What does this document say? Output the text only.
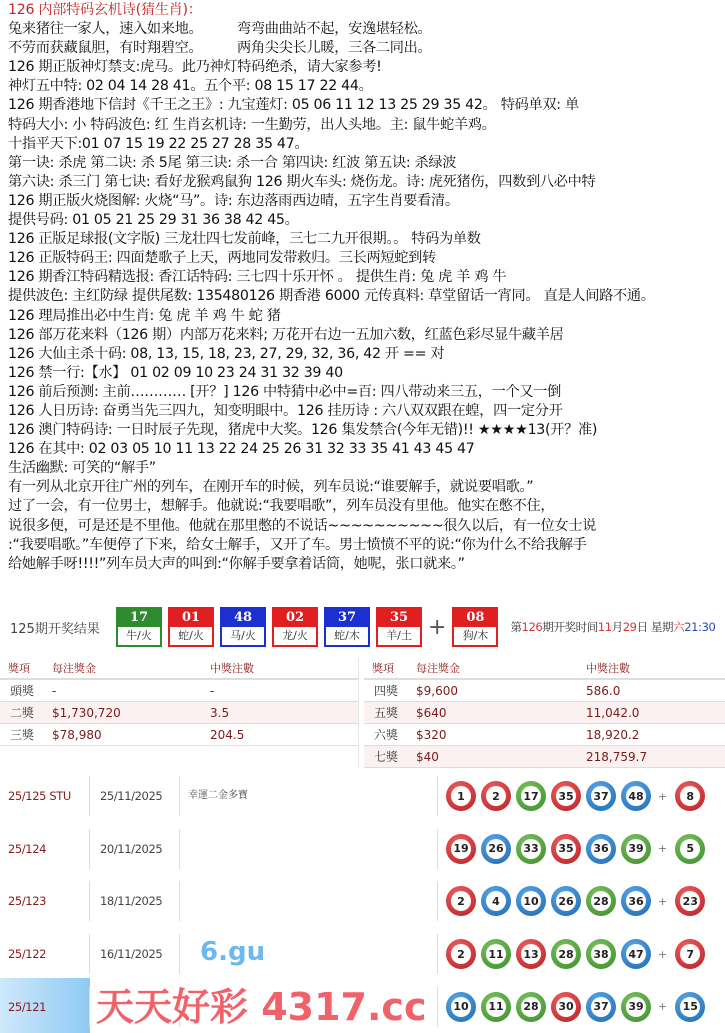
126 内部特码玄机诗(猜生肖)：
兔来猪往一家人，速入如来地。　　　弯弯曲曲站不起，安逸堪轻松。
不劳而获藏鼠胆，有时翔碧空。　　　两角尖尖长儿暖，三各二同出。
126 期正版神灯禁支:虎马。此乃神灯特码绝杀，请大家参考!
神灯五中特: 02 04 14 28 41。五个平: 08 15 17 22 44。
126 期香港地下信封《千王之王》: 九宝莲灯: 05 06 11 12 13 25 29 35 42。 特码单双: 单
特码大小: 小 特码波色: 红 生肖玄机诗: 一生勤劳，出人头地。主: 鼠牛蛇羊鸡。
十指平天下:01 07 15 19 22 25 27 28 35 47。
第一诀: 杀虎 第二诀: 杀 5尾 第三诀: 杀一合 第四诀: 红波 第五诀: 杀绿波
第六诀: 杀三门 第七诀: 看好龙猴鸡鼠狗 126 期火车头: 烧伤龙。诗: 虎死猪伤，四数到八必中特
126 期正版火烧图解: 火烧“马”。诗: 东边落雨西边晴，五字生肖要看清。
提供号码: 01 05 21 25 29 31 36 38 42 45。
126 正版足球报(文字版) 三龙壮四七发前峰，三七二九开很期。。 特码为单数
126 正版特码王: 四面楚歌子上天，两地同发带救归。三长两短蛇到转
126 期香江特码精选报: 香江话特码: 三七四十乐开怀 。 提供生肖: 兔 虎 羊 鸡 牛
提供波色: 主红防绿 提供尾数: 135480126 期香港 6000 元传真料: 草堂留话一宵同。 直是人间路不通。
126 理局推出必中生肖: 兔 虎 羊 鸡 牛 蛇 猪
126 部万花来料（126 期）内部万花来料; 万花开右边一五加六数，红蓝色彩尽显牛藏羊居
126 大仙主杀十码: 08, 13, 15, 18, 23, 27, 29, 32, 36, 42 开 == 对
126 禁一行:【水】 01 02 09 10 23 24 31 32 39 40
126 前后预测: 主前………… [开？] 126 中特猜中必中=百: 四八带动来三五，一个又一倒
126 人日历诗: 奋勇当先三四九，知变明眼中。126 挂历诗 : 六八双双跟在蝗，四一定分开
126 澳门特码诗: 一日时辰子先现，猪虎中大奖。126 集发禁合(今年无错)!! ★★★★13(开？准)
126 在其中: 02 03 05 10 11 13 22 24 25 26 31 32 33 35 41 43 45 47
生活幽默: 可笑的“解手”
有一列从北京开往广州的列车，在刚开车的时候，列车员说:“谁要解手，就说要唱歌。”
过了一会，有一位男士，想解手。他就说:“我要唱歌”，列车员没有里他。他实在憋不住，
说很多便，可是还是不里他。他就在那里憋的不说话~~~~~~~~~~很久以后，有一位女士说
:“我要唱歌。”车便停了下来，给女士解手，又开了车。男士愤愤不平的说:“你为什么不给我解手
给她解手呀!!!!”列车员大声的叫到:“你解手要拿着话筒，她呢，张口就来。”
125期开奖结果
17
牛/火
01
蛇/火
48
马/火
02
龙/火
37
蛇/木
35
羊/土 +	08
狗/木
第126期开奖时间11月29日 星期六21:30
獎項	每注獎金	中獎注數	獎項	每注獎金	中獎注數
頭獎	-	-	四獎	$9,600	586.0
二獎	$1,730,720	3.5	五獎	$640	11,042.0
三獎	$78,980	204.5	六獎	$320	18,920.2
七獎	$40	218,759.7
25/125 STU	25/11/2025	幸運二金多寶	1	2	17 35 37 48 +	8
25/124	20/11/2025	19 26 33 35 36 39 +	5
25/123	18/11/2025	2	4	10 26 28 36 + 23
25/122	16/11/2025	2	11 13 28 38 47 +	7
25/121	10 11 28 30 37 39 + 15
6.gu
天天好彩 4317.cc
